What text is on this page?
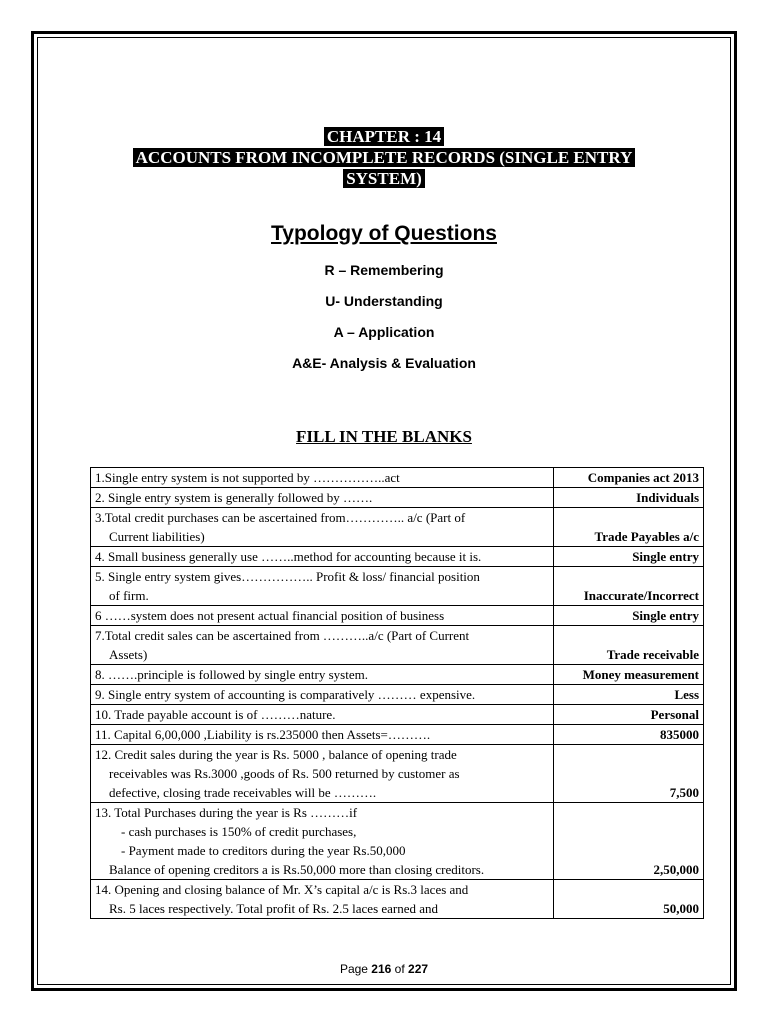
CHAPTER : 14
ACCOUNTS FROM INCOMPLETE RECORDS (SINGLE ENTRY
SYSTEM)
Typology of Questions
R – Remembering
U- Understanding
A – Application
A&E- Analysis & Evaluation
FILL IN THE BLANKS
1.Single entry system is not supported by ……………..act	Companies act 2013

2. Single entry system is generally followed by …….	Individuals

3.Total credit purchases can be ascertained from………….. a/c (Part of
Current liabilities)	Trade Payables a/c

4. Small business generally use ……..method for accounting because it is.	Single entry

5. Single entry system gives…………….. Profit & loss/ financial position
of firm.	Inaccurate/Incorrect

6 ……system does not present actual financial position of business	Single entry

7.Total credit sales can be ascertained from ………..a/c (Part of Current
Assets)	Trade receivable

8. …….principle is followed by single entry system.	Money measurement

9. Single entry system of accounting is comparatively ……… expensive.	Less

10. Trade payable account is of ………nature.	Personal

11. Capital 6,00,000 ,Liability is rs.235000 then Assets=……….	835000

12. Credit sales during the year is Rs. 5000 , balance of opening trade
receivables was Rs.3000 ,goods of Rs. 500 returned by customer as
defective, closing trade receivables will be ……….	7,500

13. Total Purchases during the year is Rs ………if
- cash purchases is 150% of credit purchases,
- Payment made to creditors during the year Rs.50,000
Balance of opening creditors a is Rs.50,000 more than closing creditors.	2,50,000

14. Opening and closing balance of Mr. X’s capital a/c is Rs.3 laces and
Rs. 5 laces respectively. Total profit of Rs. 2.5 laces earned and	50,000
Page 216 of 227
